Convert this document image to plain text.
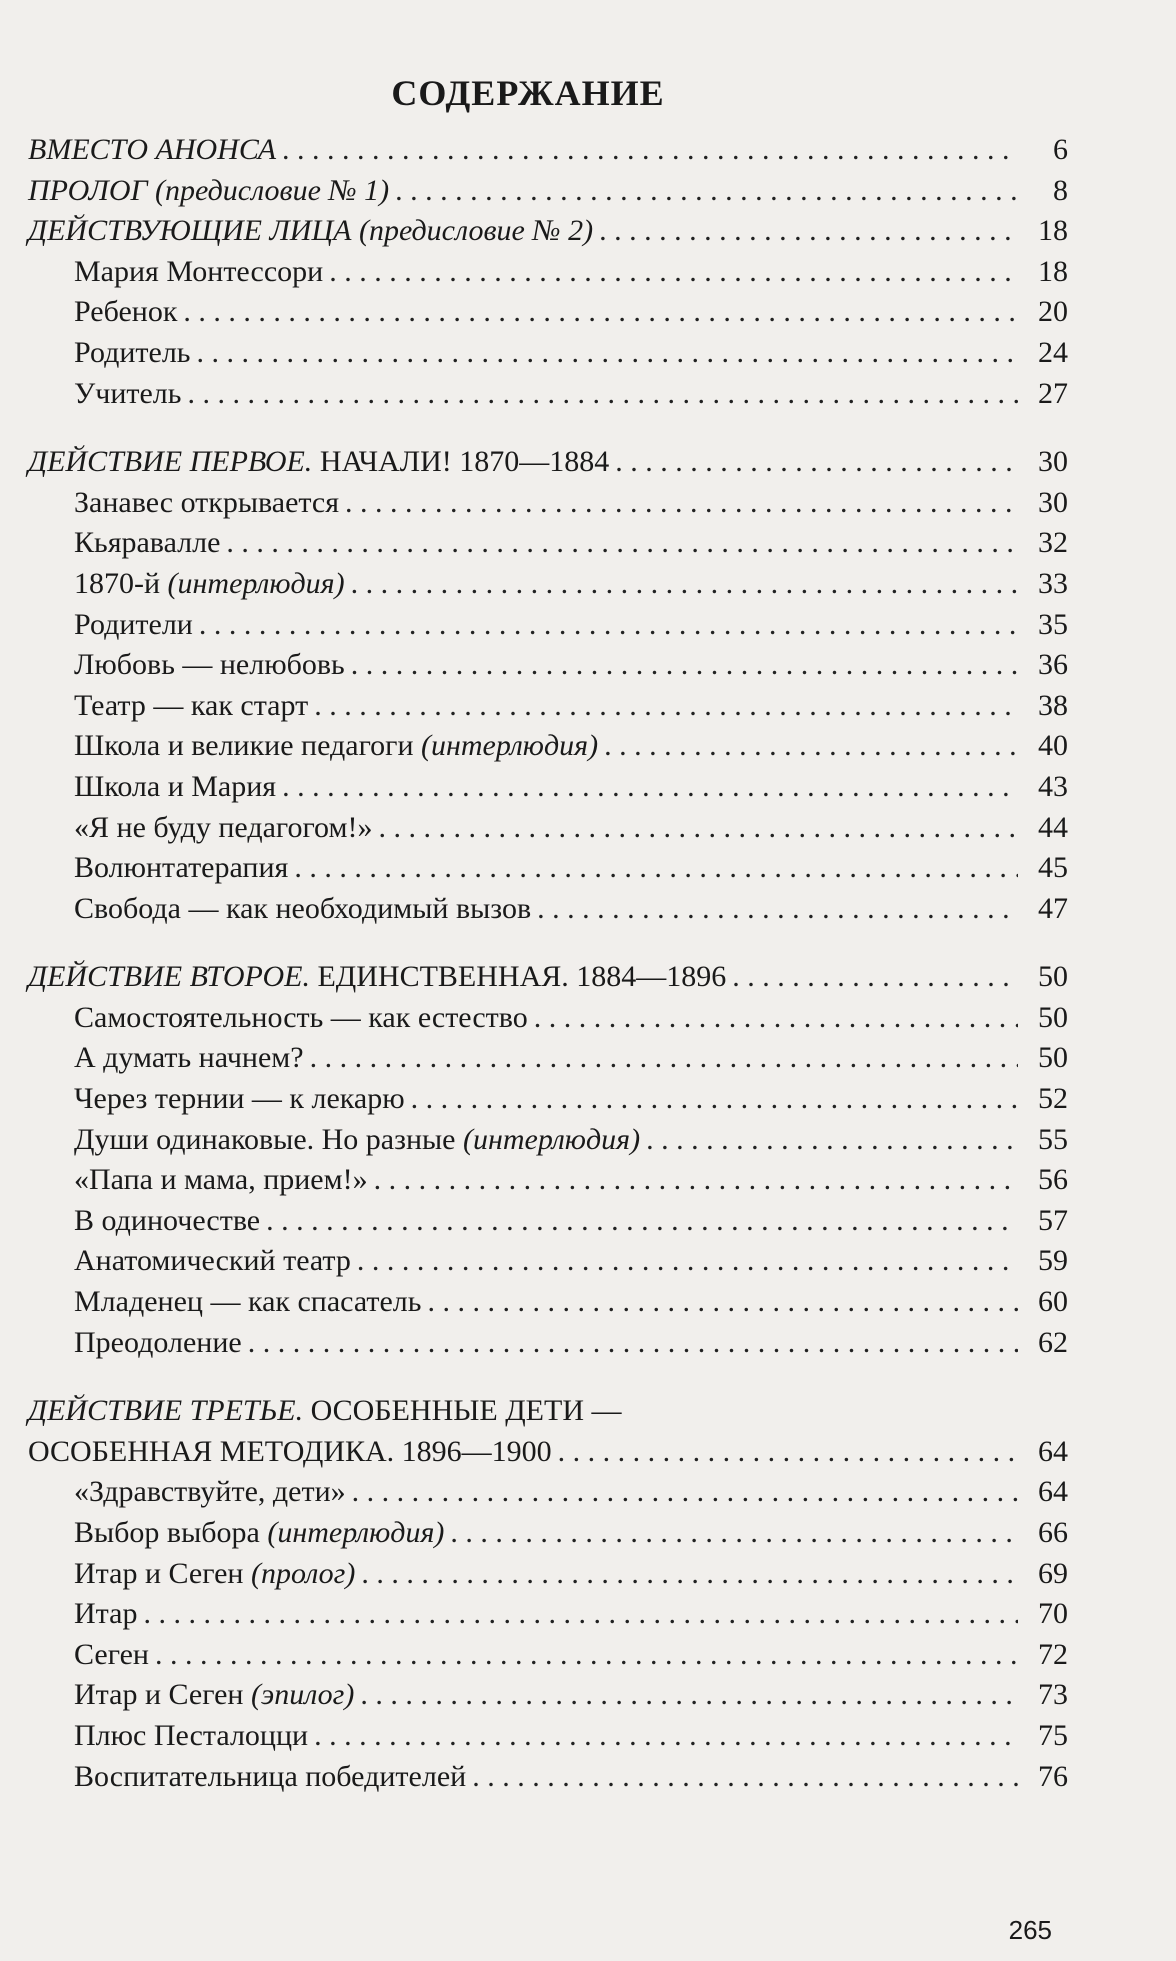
СОДЕРЖАНИЕ
ВМЕСТО АНОНСА . . .	6
ПРОЛОГ (предисловие № 1) . . .	8
ДЕЙСТВУЮЩИЕ ЛИЦА (предисловие № 2) . . .	18
Мария Монтессори . . .	18
Ребенок . . .	20
Родитель . . .	24
Учитель . . .	27
ДЕЙСТВИЕ ПЕРВОЕ. НАЧАЛИ! 1870—1884 . . .	30
Занавес открывается . . .	30
Кьяравалле . . .	32
1870-й (интерлюдия) . . .	33
Родители . . .	35
Любовь — нелюбовь . . .	36
Театр — как старт . . .	38
Школа и великие педагоги (интерлюдия) . . .	40
Школа и Мария . . .	43
«Я не буду педагогом!» . . .	44
Волюнтатерапия . . .	45
Свобода — как необходимый вызов . . .	47
ДЕЙСТВИЕ ВТОРОЕ. ЕДИНСТВЕННАЯ. 1884—1896 . . .	50
Самостоятельность — как естество . . .	50
А думать начнем? . . .	50
Через тернии — к лекарю . . .	52
Души одинаковые. Но разные (интерлюдия) . . .	55
«Папа и мама, прием!» . . .	56
В одиночестве . . .	57
Анатомический театр . . .	59
Младенец — как спасатель . . .	60
Преодоление . . .	62
ДЕЙСТВИЕ ТРЕТЬЕ. ОСОБЕННЫЕ ДЕТИ —
ОСОБЕННАЯ МЕТОДИКА. 1896—1900 . . .	64
«Здравствуйте, дети» . . .	64
Выбор выбора (интерлюдия) . . .	66
Итар и Сеген (пролог) . . .	69
Итар . . .	70
Сеген . . .	72
Итар и Сеген (эпилог) . . .	73
Плюс Песталоцци . . .	75
Воспитательница победителей . . .	76
265
